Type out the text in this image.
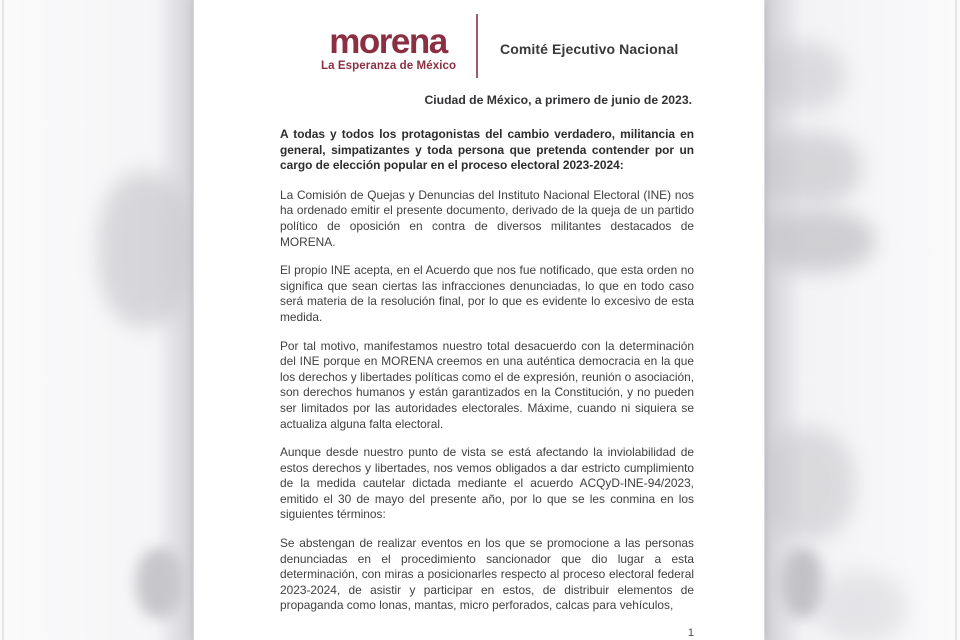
morena
La Esperanza de México
Comité Ejecutivo Nacional
Ciudad de México, a primero de junio de 2023.

A todas y todos los protagonistas del cambio verdadero, militancia en general, simpatizantes y toda persona que pretenda contender por un cargo de elección popular en el proceso electoral 2023-2024:

La Comisión de Quejas y Denuncias del Instituto Nacional Electoral (INE) nos ha ordenado emitir el presente documento, derivado de la queja de un partido político de oposición en contra de diversos militantes destacados de MORENA.

El propio INE acepta, en el Acuerdo que nos fue notificado, que esta orden no significa que sean ciertas las infracciones denunciadas, lo que en todo caso será materia de la resolución final, por lo que es evidente lo excesivo de esta medida.

Por tal motivo, manifestamos nuestro total desacuerdo con la determinación del INE porque en MORENA creemos en una auténtica democracia en la que los derechos y libertades políticas como el de expresión, reunión o asociación, son derechos humanos y están garantizados en la Constitución, y no pueden ser limitados por las autoridades electorales. Máxime, cuando ni siquiera se actualiza alguna falta electoral.

Aunque desde nuestro punto de vista se está afectando la inviolabilidad de estos derechos y libertades, nos vemos obligados a dar estricto cumplimiento de la medida cautelar dictada mediante el acuerdo ACQyD-INE-94/2023, emitido el 30 de mayo del presente año, por lo que se les conmina en los siguientes términos:

Se abstengan de realizar eventos en los que se promocione a las personas denunciadas en el procedimiento sancionador que dio lugar a esta determinación, con miras a posicionarles respecto al proceso electoral federal 2023-2024, de asistir y participar en estos, de distribuir elementos de propaganda como lonas, mantas, micro perforados, calcas para vehículos,

1
